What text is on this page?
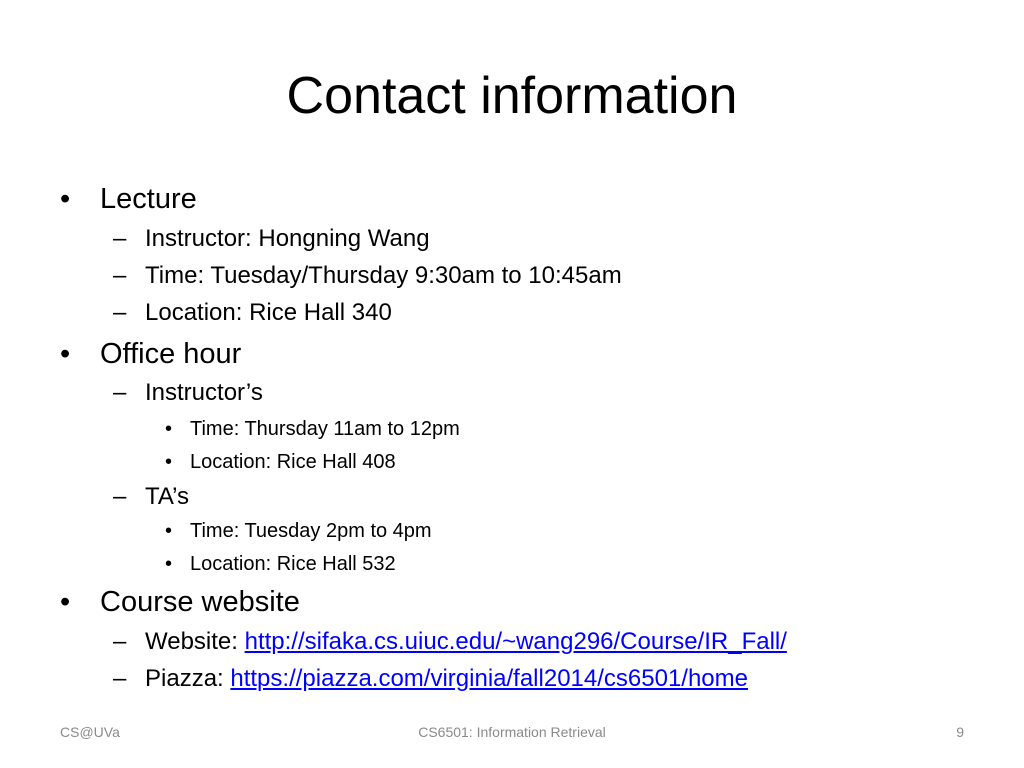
Contact information
• Lecture
– Instructor: Hongning Wang
– Time: Tuesday/Thursday 9:30am to 10:45am
– Location: Rice Hall 340
• Office hour
– Instructor’s
• Time: Thursday 11am to 12pm
• Location: Rice Hall 408
– TA’s
• Time: Tuesday 2pm to 4pm
• Location: Rice Hall 532
• Course website
– Website: http://sifaka.cs.uiuc.edu/~wang296/Course/IR_Fall/
– Piazza: https://piazza.com/virginia/fall2014/cs6501/home
CS@UVa	CS6501: Information Retrieval	9
